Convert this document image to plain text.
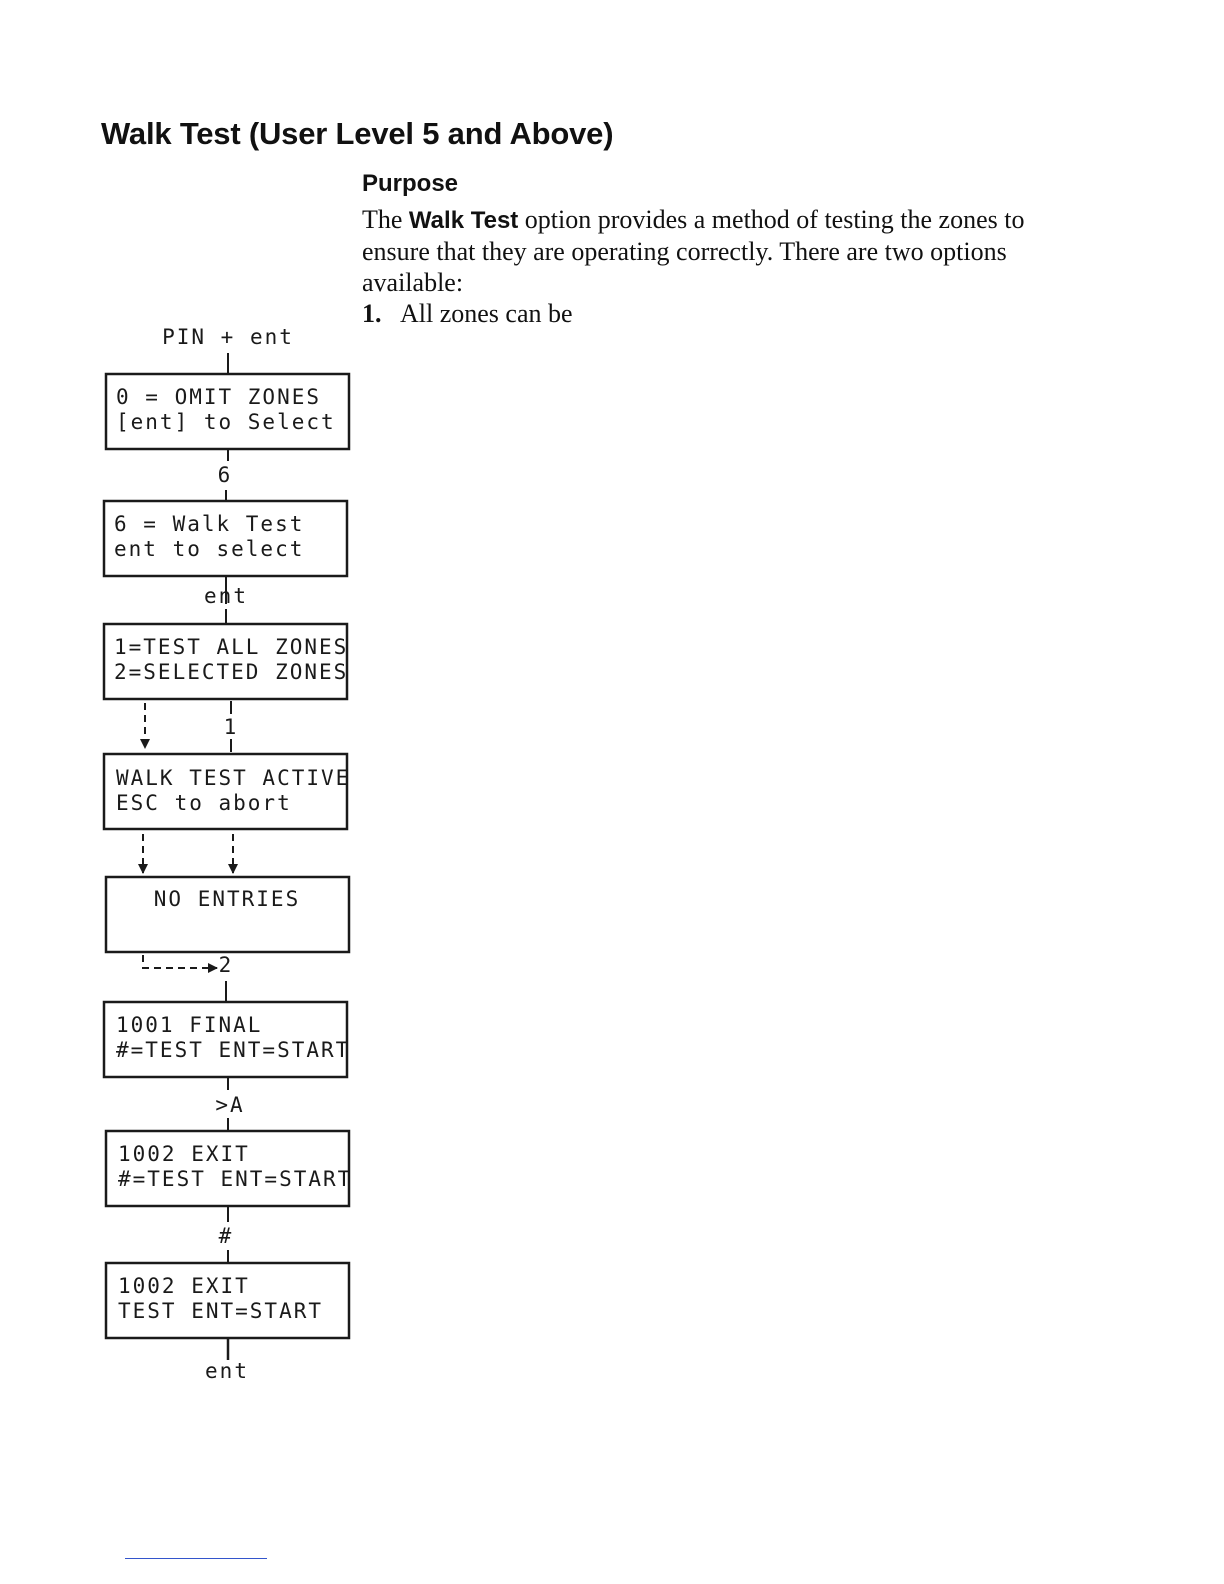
Walk Test (User Level 5 and Above)
Purpose

The Walk Test option provides a method of testing the zones to ensure that they are operating correctly. There are two options available:

1. All zones can be

PIN + ent
0 = OMIT ZONES
[ent] to Select
6
6 = Walk Test
ent to select
ent
1=TEST ALL ZONES
2=SELECTED ZONES
1
WALK TEST ACTIVE
ESC to abort
NO ENTRIES
2
1001 FINAL
#=TEST ENT=START
>A
1002 EXIT
#=TEST ENT=START
#
1002 EXIT
TEST ENT=START
ent
